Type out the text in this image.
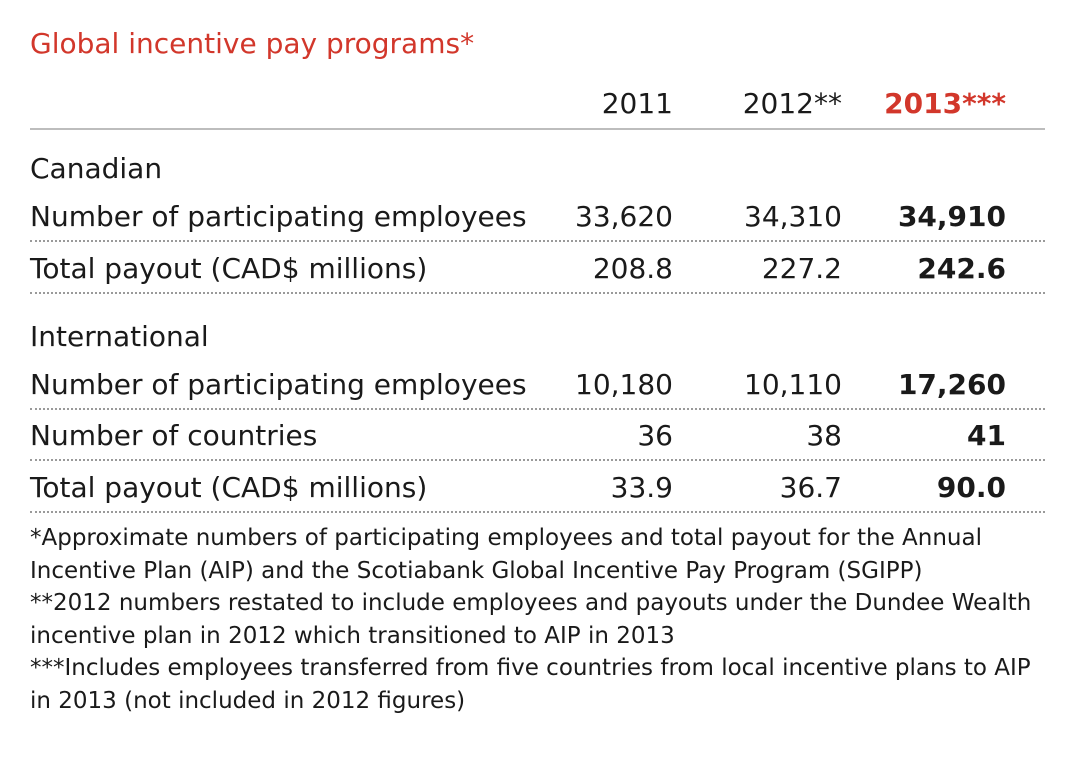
Global incentive pay programs*
2011 2012** 2013***
Canadian
Number of participating employees 33,620	34,310 34,910
Total payout (CAD$ millions)	208.8	227.2	242.6
International
Number of participating employees 10,180	10,110 17,260
Number of countries	36	38	41
Total payout (CAD$ millions)	33.9	36.7	90.0

*Approximate numbers of participating employees and total payout for the Annual Incentive Plan (AIP) and the Scotiabank Global Incentive Pay Program (SGIPP)

**2012 numbers restated to include employees and payouts under the Dundee Wealth incentive plan in 2012 which transitioned to AIP in 2013

***Includes employees transferred from five countries from local incentive plans to AIP in 2013 (not included in 2012 figures)
